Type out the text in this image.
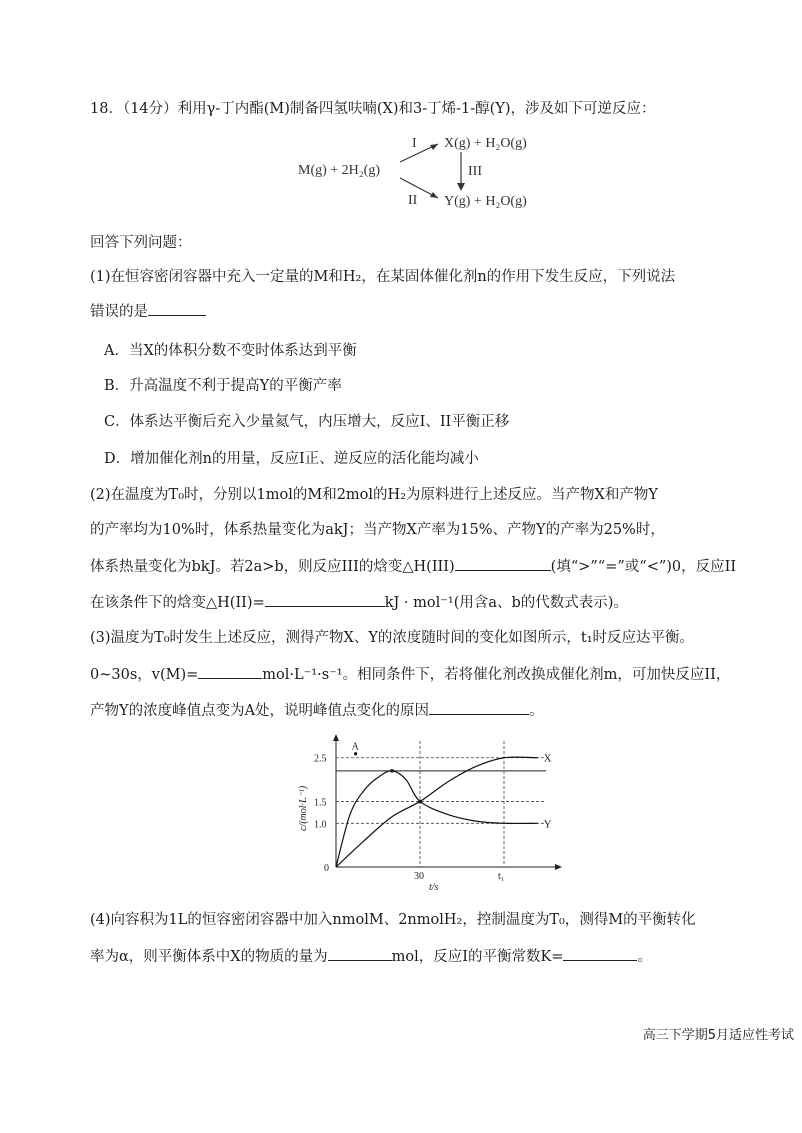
18．（14分）利用γ-丁内酯(M)制备四氢呋喃(X)和3-丁烯-1-醇(Y)，涉及如下可逆反应：
M(g) + 2H₂(g)
X(g) + H₂O(g)
Y(g) + H₂O(g)
I
II
III
回答下列问题：
(1)在恒容密闭容器中充入一定量的M和H₂，在某固体催化剂n的作用下发生反应，下列说法
错误的是
A．当X的体积分数不变时体系达到平衡
B．升高温度不利于提高Y的平衡产率
C．体系达平衡后充入少量氦气，内压增大，反应I、II平衡正移
D．增加催化剂n的用量，反应I正、逆反应的活化能均减小
(2)在温度为T₀时，分别以1mol的M和2mol的H₂为原料进行上述反应。当产物X和产物Y
的产率均为10%时，体系热量变化为akJ；当产物X产率为15%、产物Y的产率为25%时，
体系热量变化为bkJ。若2a>b，则反应III的焓变△H(III)	(填“>”“=”或“<”)0，反应II
在该条件下的焓变△H(II)=	kJ · mol⁻¹(用含a、b的代数式表示)。
(3)温度为T₀时发生上述反应，测得产物X、Y的浓度随时间的变化如图所示，t₁时反应达平衡。
0~30s，v(M)=	mol·L⁻¹·s⁻¹。相同条件下，若将催化剂改换成催化剂m，可加快反应II，
产物Y的浓度峰值点变为A处，说明峰值点变化的原因	。
c/(mol·L⁻¹)
t/s
2.5
1.5
1.0
0
30	t₁
X
Y
A
(4)向容积为1L的恒容密闭容器中加入nmolM、2nmolH₂，控制温度为T₀，测得M的平衡转化
率为α，则平衡体系中X的物质的量为	mol，反应I的平衡常数K=	。
高三下学期5月适应性考试
